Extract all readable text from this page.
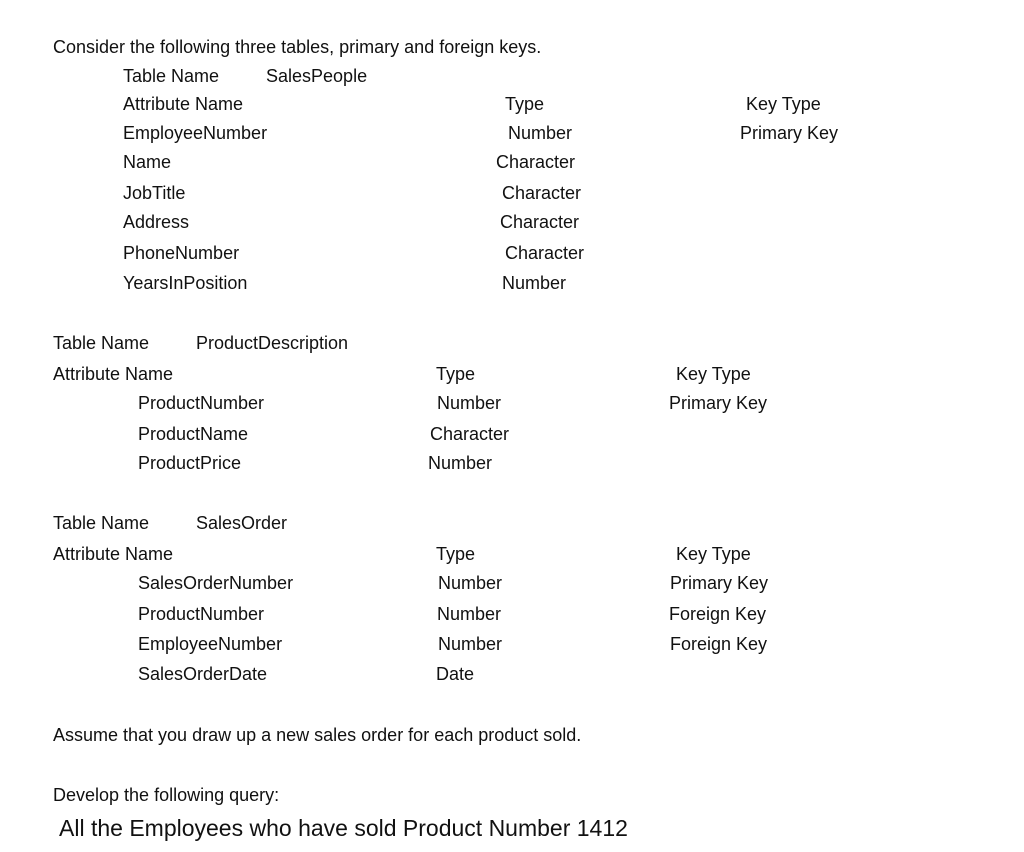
Consider the following three tables, primary and foreign keys.
Assume that you draw up a new sales order for each product sold.
Develop the following query:
All the Employees who have sold Product Number 1412
Table Name	SalesPeople
Attribute Name	Type	Key Type
EmployeeNumber	Number	Primary Key
Name	Character
JobTitle	Character
Address	Character
PhoneNumber	Character
YearsInPosition	Number
Table Name	ProductDescription
Attribute Name	Type	Key Type
ProductNumber	Number	Primary Key
ProductName	Character
ProductPrice	Number
Table Name	SalesOrder
Attribute Name	Type	Key Type
SalesOrderNumber	Number	Primary Key
ProductNumber	Number	Foreign Key
EmployeeNumber	Number	Foreign Key
SalesOrderDate	Date
